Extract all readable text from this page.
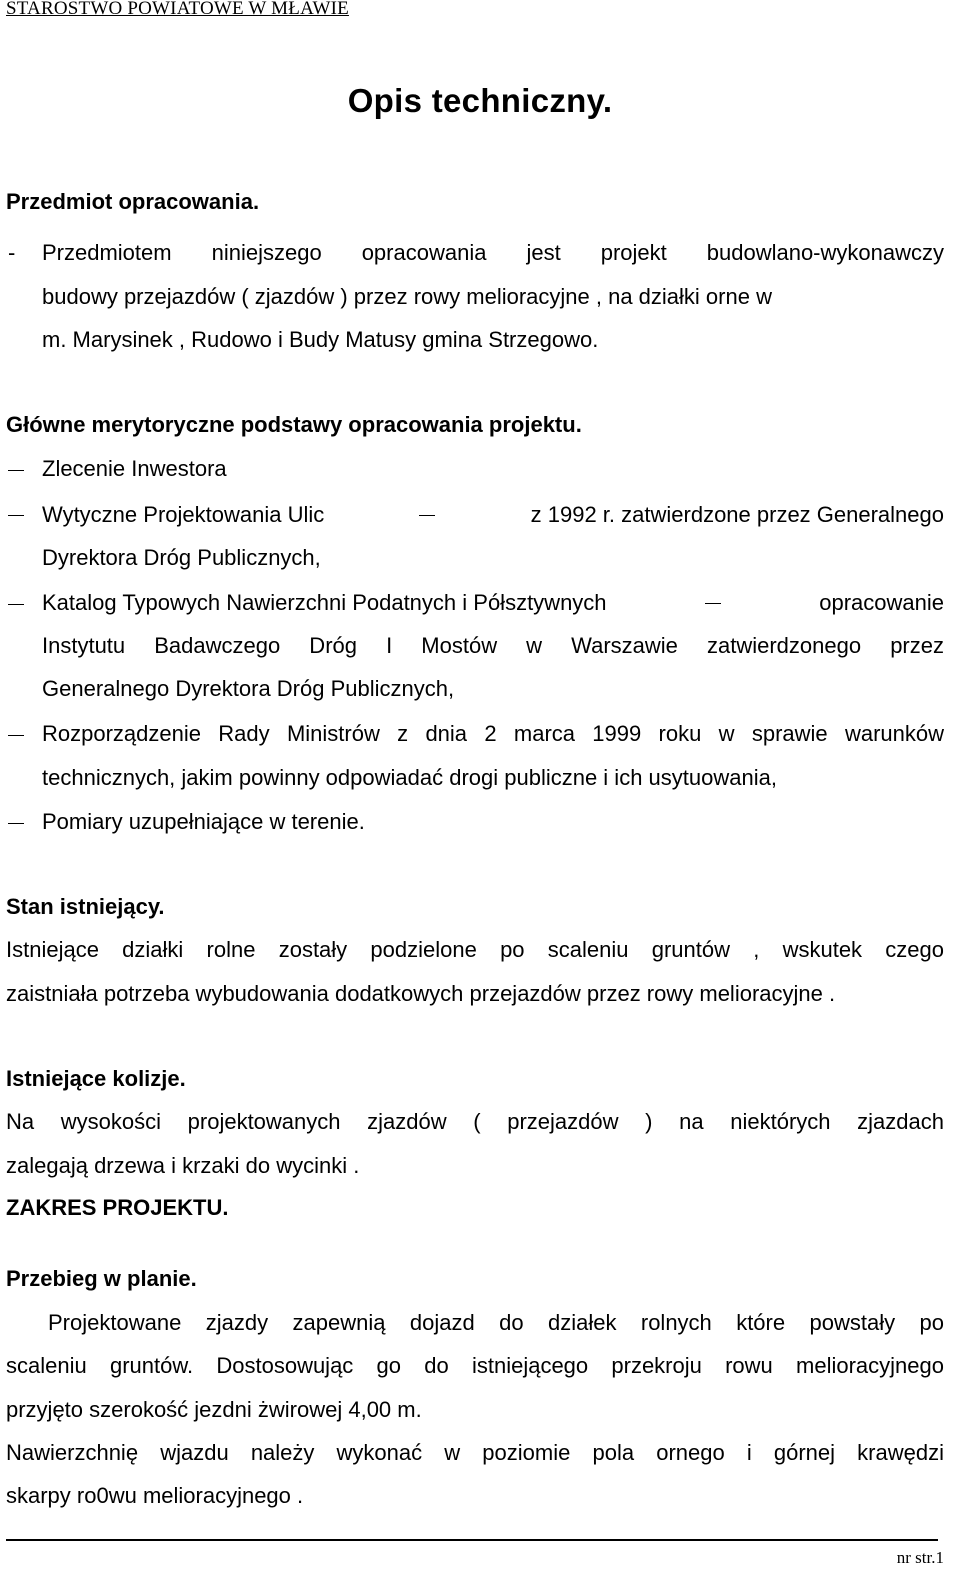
STAROSTWO POWIATOWE W MŁAWIE
Opis techniczny.

Przedmiot opracowania.

- Przedmiotem niniejszego opracowania jest projekt budowlano-wykonawczy

budowy przejazdów ( zjazdów ) przez rowy melioracyjne , na działki orne w

m. Marysinek , Rudowo i Budy Matusy gmina Strzegowo.

Główne merytoryczne podstawy opracowania projektu.

Zlecenie Inwestora

Wytyczne Projektowania Ulic	z 1992 r. zatwierdzone przez Generalnego

Dyrektora Dróg Publicznych,

Katalog Typowych Nawierzchni Podatnych i Półsztywnych	opracowanie

Instytutu Badawczego Dróg I Mostów w Warszawie zatwierdzonego przez

Generalnego Dyrektora Dróg Publicznych,

Rozporządzenie Rady Ministrów z dnia 2 marca 1999 roku w sprawie warunków

technicznych, jakim powinny odpowiadać drogi publiczne i ich usytuowania,

Pomiary uzupełniające w terenie.

Stan istniejący.

Istniejące działki rolne zostały podzielone po scaleniu gruntów , wskutek czego

zaistniała potrzeba wybudowania dodatkowych przejazdów przez rowy melioracyjne .

Istniejące kolizje.

Na wysokości projektowanych zjazdów ( przejazdów ) na niektórych zjazdach

zalegają drzewa i krzaki do wycinki .

ZAKRES PROJEKTU.

Przebieg w planie.

Projektowane zjazdy zapewnią dojazd do działek rolnych które powstały po

scaleniu gruntów. Dostosowując go do istniejącego przekroju rowu melioracyjnego

przyjęto szerokość jezdni żwirowej 4,00 m.

Nawierzchnię wjazdu należy wykonać w poziomie pola ornego i górnej krawędzi

skarpy ro0wu melioracyjnego .

nr str.1
